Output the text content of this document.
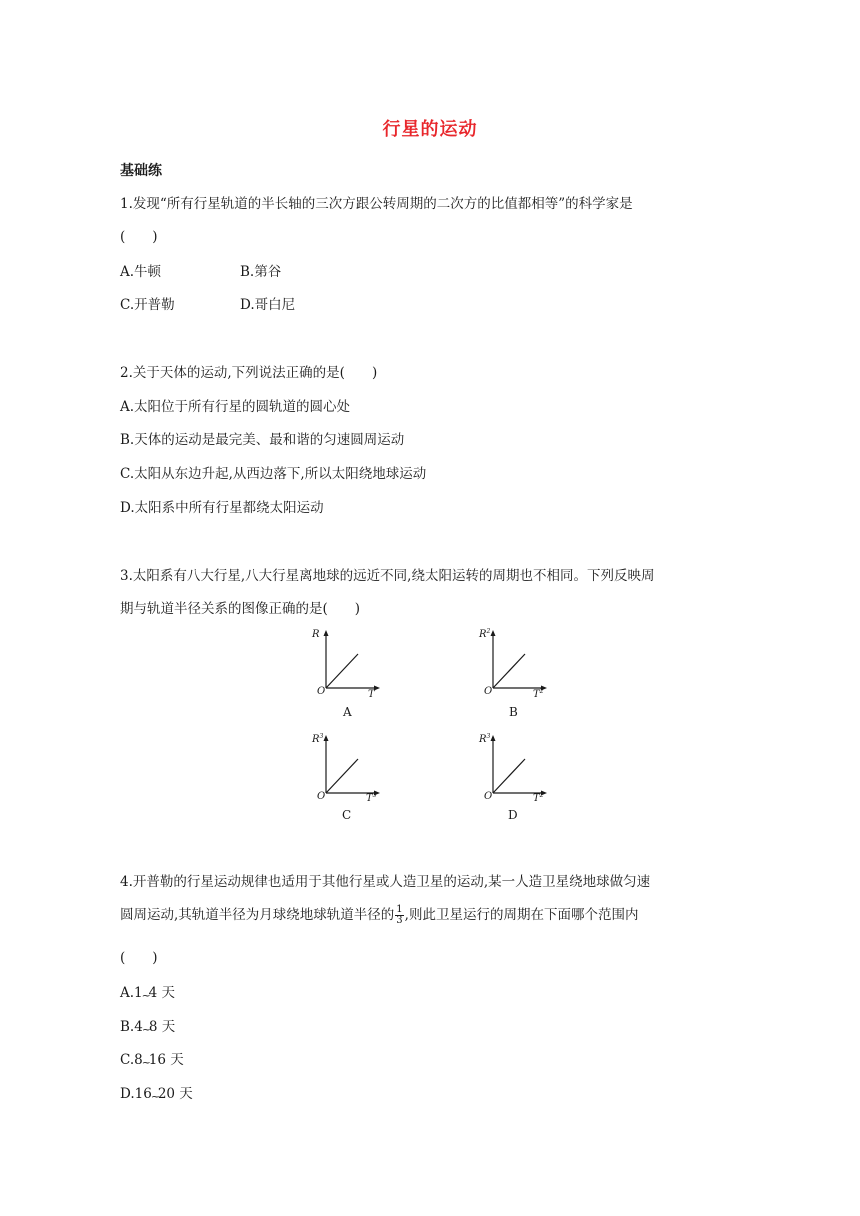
行星的运动
基础练
1.发现“所有行星轨道的半长轴的三次方跟公转周期的二次方的比值都相等”的科学家是
(　　)
A.牛顿	B.第谷
C.开普勒	D.哥白尼
2.关于天体的运动,下列说法正确的是(　　)
A.太阳位于所有行星的圆轨道的圆心处
B.天体的运动是最完美、最和谐的匀速圆周运动
C.太阳从东边升起,从西边落下,所以太阳绕地球运动
D.太阳系中所有行星都绕太阳运动
3.太阳系有八大行星,八大行星离地球的远近不同,绕太阳运转的周期也不相同。下列反映周
期与轨道半径关系的图像正确的是(　　)
R
T
O
A
$R^2$
$T^2$
O
B
$R^3$
$T^3$
O
C
$R^3$
$T^2$
O
D
4.开普勒的行星运动规律也适用于其他行星或人造卫星的运动,某一人造卫星绕地球做匀速
圆周运动,其轨道半径为月球绕地球轨道半径的 $\frac{1}{3}$ ,则此卫星运行的周期在下面哪个范围内
(　　)
A.1 ~
4 天
B.4 ~
8 天
C.8 ~
16 天
D.16 ~
20 天
